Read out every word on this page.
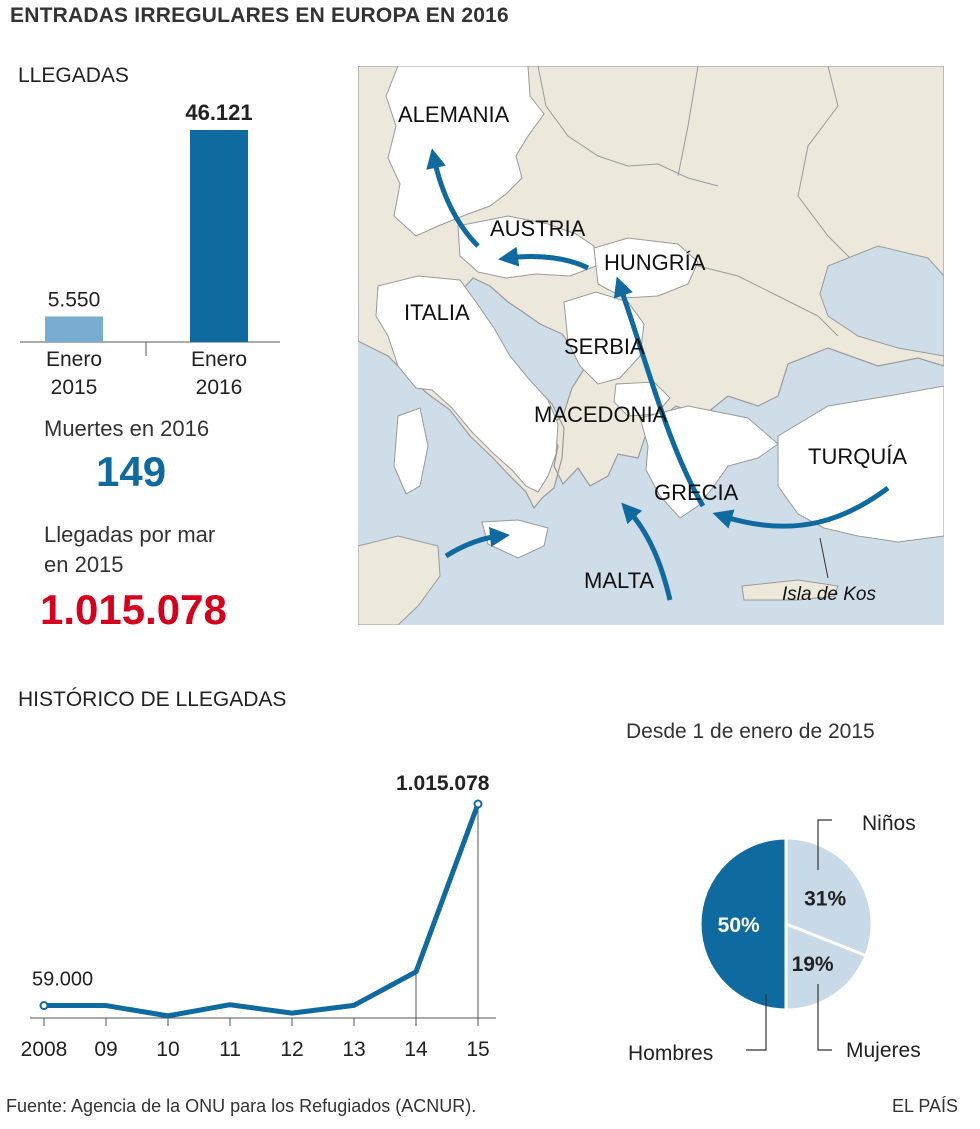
ENTRADAS IRREGULARES EN EUROPA EN 2016
LLEGADAS
5.550
Enero
2015
46.121
Enero
2016
Muertes en 2016
149
Llegadas por mar
en 2015
1.015.078
ALEMANIA
AUSTRIA
HUNGRÍA
ITALIA
SERBIA
MACEDONIA
TURQUÍA
GRECIA
MALTA
Isla de Kos
HISTÓRICO DE LLEGADAS
2008 09 10 11 12 13 14 15
59.000
1.015.078
Desde 1 de enero de 2015
31%
19%
50%
Niños
Mujeres
Hombres
Fuente: Agencia de la ONU para los Refugiados (ACNUR).	EL PAÍS
